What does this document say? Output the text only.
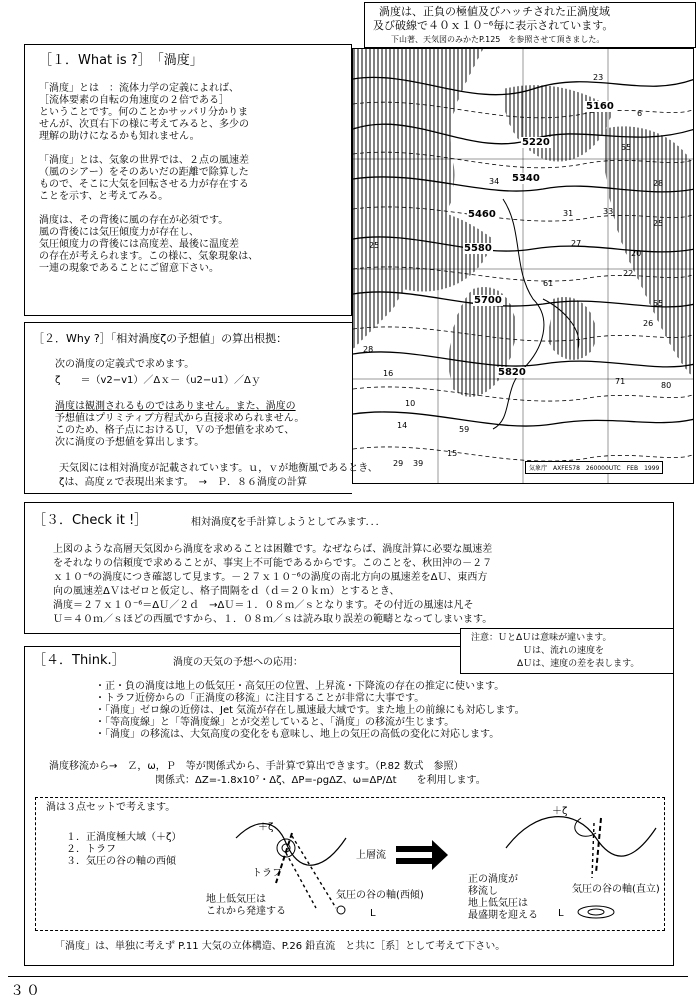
渦度は、正負の極値及びハッチされた正渦度域
及び破線で４０ｘ１０⁻⁶毎に表示されています。
下山著、天気図のみかたP.125　を参照させて頂きました。
5160
5220
5340
5460
5580
5700
5820
23
6
34
55
33
27
28
25
31
20
26
22
61
55
80
71
25
29
28
10
16
14	59
15
39
気象庁　AXFE578　260000UTC　FEB　1999
［１．What is ?］　「渦度」
「渦度」とは　：流体力学の定義によれば、
［流体要素の自転の角速度の２倍である］
ということです。何のことかサッパリ分かりま
せんが、次頁右下の様に考えてみると、多少の
理解の助けになるかも知れません。
「渦度」とは、気象の世界では、２点の風速差
（風のシアー）をそのあいだの距離で除算した
もので、そこに大気を回転させる力が存在する
ことを示す、と考えてみる。
渦度は、その背後に風の存在が必須です。
風の背後には気圧傾度力が存在し、
気圧傾度力の背後には高度差、最後に温度差
の存在が考えられます。この様に、気象現象は、
一連の現象であることにご留意下さい。
［２．Why ?］「相対渦度ζの予想値」の算出根拠：
次の渦度の定義式で求めます。
ζ　　＝（v2−v1）／Δｘ－（u2−u1）／Δｙ
渦度は観測されるものではありません。また、渦度の
予想値はプリミティブ方程式から直接求められません。
このため、格子点におけるＵ，Ｖの予想値を求めて、
次に渦度の予想値を算出します。
天気図には相対渦度が記載されています。ｕ，ｖが地衡風であるとき、
ζは、高度ｚで表現出来ます。　→　Ｐ．８６渦度の計算
［３．Check it !］	相対渦度ζを手計算しようとしてみます．．．
上図のような高層天気図から渦度を求めることは困難です。なぜならば、渦度計算に必要な風速差
をそれなりの信頼度で求めることが、事実上不可能であるからです。このことを、秋田沖の－２７
ｘ１０⁻⁶の渦度につき確認して見ます。－２７ｘ１０⁻⁶の渦度の南北方向の風速差をΔＵ、東西方
向の風速差ΔＶはゼロと仮定し、格子間隔をｄ（ｄ＝２０ｋｍ）とするとき、
渦度＝２７ｘ１０⁻⁶＝ΔＵ／２ｄ　→ΔＵ＝１．０８ｍ／ｓとなります。その付近の風速は凡そ
Ｕ＝４０ｍ／ｓほどの西風ですから、１．０８ｍ／ｓは読み取り誤差の範疇となってしまいます。
［４．Think.］	渦度の天気の予想への応用：
・正・負の渦度は地上の低気圧・高気圧の位置、上昇流・下降流の存在の推定に使います。
・トラフ近傍からの「正渦度の移流」に注目することが非常に大事です。
・「渦度」ゼロ線の近傍は、Jet 気流が存在し風速最大域です。また地上の前線にも対応します。
・「等高度線」と「等渦度線」とが交差していると、「渦度」の移流が生じます。
・「渦度」の移流は、大気高度の変化をも意味し、地上の気圧の高低の変化に対応します。
渦度移流から→　Ｚ，ω，Ｐ　等が関係式から、手計算で算出できます。（P.82 数式　参照）
関係式：ΔZ=-1.8x10⁷・Δζ、ΔP=-ρgΔZ、ω=ΔP/Δt　　を利用します。
渦は３点セットで考えます。
１．正渦度極大域（＋ζ）
２．トラフ
３．気圧の谷の軸の西傾
＋ζ
トラフ
上層流
地上低気圧は
これから発達する
気圧の谷の軸(西傾)
L
＋ζ
正の渦度が
移流し
地上低気圧は
最盛期を迎える
気圧の谷の軸(直立)
L
「渦度」は、単独に考えず P.11 大気の立体構造、P.26 鉛直流　と共に［系］として考えて下さい。
注意：ＵとΔＵは意味が違います。
Ｕは、流れの速度を
ΔＵは、速度の差を表します。
３０
